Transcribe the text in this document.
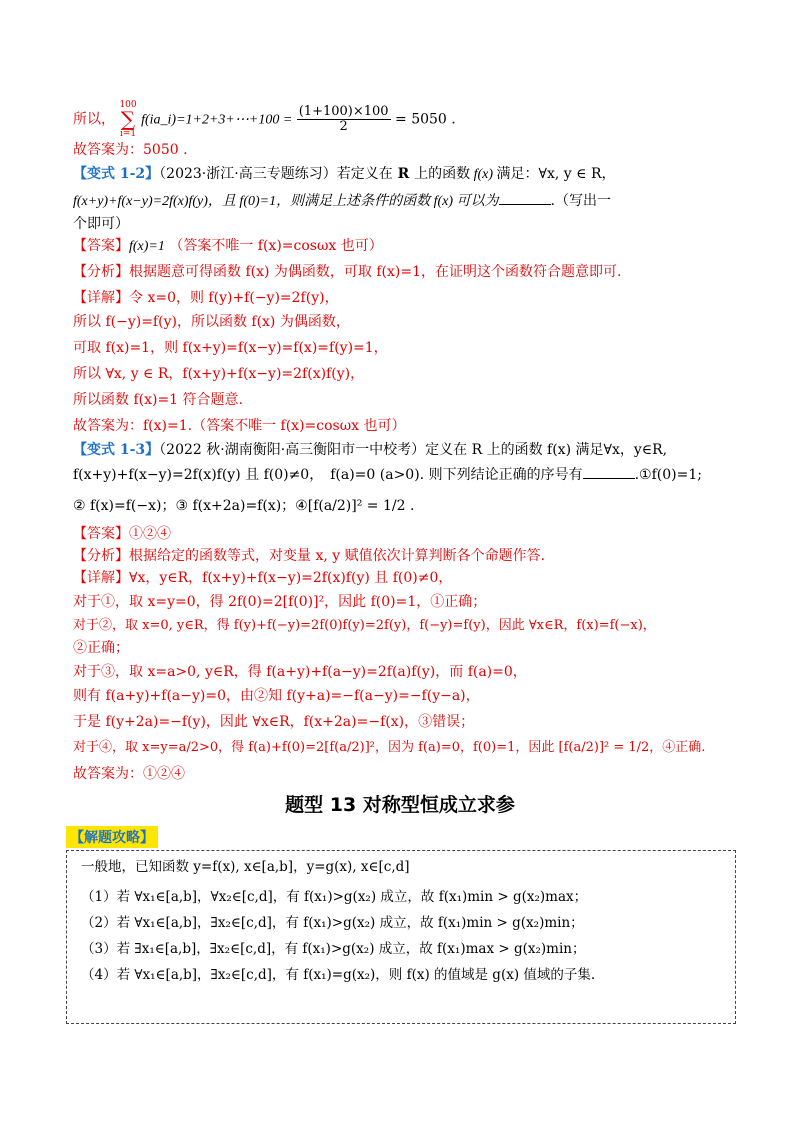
所以， 100
∑
i=1 f(ia_i)=1+2+3+⋯+100 = $\frac{(1+100)\times 100}{2} = 5050$ .
故答案为：5050 .
【变式 1-2】（2023·浙江·高三专题练习）若定义在 R 上的函数 f(x) 满足：∀x, y ∈ R，
f(x+y)+f(x−y)=2f(x)f(y)，且 f(0)=1，则满足上述条件的函数 f(x) 可以为	.（写出一
个即可）
【答案】f(x)=1 （答案不唯一 f(x)=cosωx 也可）
【分析】根据题意可得函数 f(x) 为偶函数，可取 f(x)=1，在证明这个函数符合题意即可.
【详解】令 x=0，则 f(y)+f(−y)=2f(y)，
所以 f(−y)=f(y)，所以函数 f(x) 为偶函数，
可取 f(x)=1，则 f(x+y)=f(x−y)=f(x)=f(y)=1，
所以 ∀x, y ∈ R，f(x+y)+f(x−y)=2f(x)f(y)，
所以函数 f(x)=1 符合题意.
故答案为：f(x)=1.（答案不唯一 f(x)=cosωx 也可）
【变式 1-3】（2022 秋·湖南衡阳·高三衡阳市一中校考）定义在 R 上的函数 f(x) 满足∀x，y∈R,
f(x+y)+f(x−y)=2f(x)f(y) 且 f(0)≠0，　f(a)=0 (a>0). 则下列结论正确的序号有	.①f(0)=1;
② f(x)=f(−x)；③ f(x+2a)=f(x)；④[f(a/2)]² = 1/2 .
【答案】①②④
【分析】根据给定的函数等式，对变量 x, y 赋值依次计算判断各个命题作答.
【详解】∀x，y∈R，f(x+y)+f(x−y)=2f(x)f(y) 且 f(0)≠0，
对于①，取 x=y=0，得 2f(0)=2[f(0)]²，因此 f(0)=1，①正确；
对于②，取 x=0, y∈R，得 f(y)+f(−y)=2f(0)f(y)=2f(y)，f(−y)=f(y)，因此 ∀x∈R，f(x)=f(−x)，
②正确；
对于③，取 x=a>0, y∈R，得 f(a+y)+f(a−y)=2f(a)f(y)，而 f(a)=0，
则有 f(a+y)+f(a−y)=0，由②知 f(y+a)=−f(a−y)=−f(y−a)，
于是 f(y+2a)=−f(y)，因此 ∀x∈R，f(x+2a)=−f(x)，③错误；
对于④，取 x=y=a/2>0，得 f(a)+f(0)=2[f(a/2)]²，因为 f(a)=0，f(0)=1，因此 [f(a/2)]² = 1/2，④正确.
故答案为：①②④
题型 13 对称型恒成立求参
【解题攻略】
一般地，已知函数 y=f(x), x∈[a,b]，y=g(x), x∈[c,d]
（1）若 ∀x₁∈[a,b]，∀x₂∈[c,d]，有 f(x₁)>g(x₂) 成立，故 f(x₁)min > g(x₂)max；
（2）若 ∀x₁∈[a,b]，∃x₂∈[c,d]，有 f(x₁)>g(x₂) 成立，故 f(x₁)min > g(x₂)min；
（3）若 ∃x₁∈[a,b]，∃x₂∈[c,d]，有 f(x₁)>g(x₂) 成立，故 f(x₁)max > g(x₂)min；
（4）若 ∀x₁∈[a,b]，∃x₂∈[c,d]，有 f(x₁)=g(x₂)，则 f(x) 的值域是 g(x) 值域的子集.
